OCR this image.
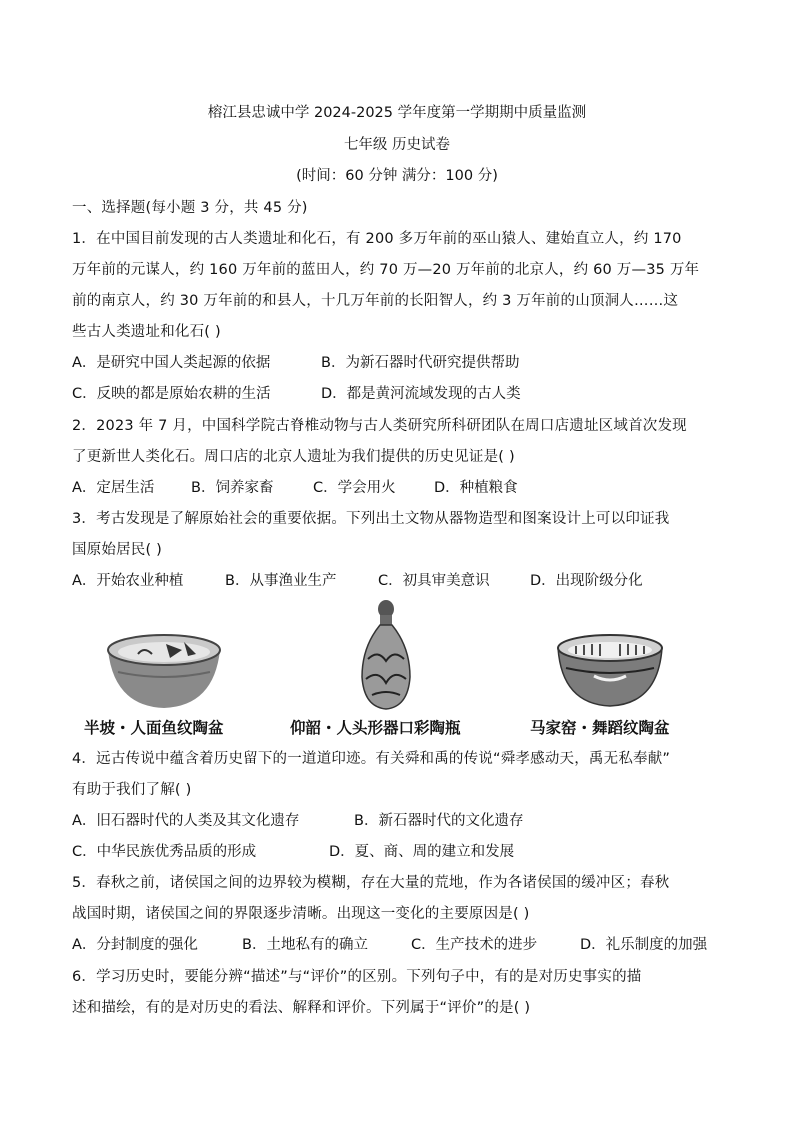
榕江县忠诚中学 2024-2025 学年度第一学期期中质量监测
七年级 历史试卷
(时间：60 分钟 满分：100 分)
一、选择题(每小题 3 分，共 45 分)
1．在中国目前发现的古人类遗址和化石，有 200 多万年前的巫山猿人、建始直立人，约 170
万年前的元谋人，约 160 万年前的蓝田人，约 70 万—20 万年前的北京人，约 60 万—35 万年
前的南京人，约 30 万年前的和县人，十几万年前的长阳智人，约 3 万年前的山顶洞人……这
些古人类遗址和化石( )
A．是研究中国人类起源的依据	B．为新石器时代研究提供帮助
C．反映的都是原始农耕的生活	D．都是黄河流域发现的古人类
2．2023 年 7 月，中国科学院古脊椎动物与古人类研究所科研团队在周口店遗址区域首次发现
了更新世人类化石。周口店的北京人遗址为我们提供的历史见证是( )
A．定居生活	B．饲养家畜	C．学会用火	D．种植粮食
3．考古发现是了解原始社会的重要依据。下列出土文物从器物造型和图案设计上可以印证我
国原始居民( )
A．开始农业种植	B．从事渔业生产	C．初具审美意识	D．出现阶级分化
半坡・人面鱼纹陶盆	仰韶・人头形器口彩陶瓶	马家窑・舞蹈纹陶盆
4．远古传说中蕴含着历史留下的一道道印迹。有关舜和禹的传说“舜孝感动天，禹无私奉献”
有助于我们了解( )
A．旧石器时代的人类及其文化遗存	B．新石器时代的文化遗存
C．中华民族优秀品质的形成	D．夏、商、周的建立和发展
5．春秋之前，诸侯国之间的边界较为模糊，存在大量的荒地，作为各诸侯国的缓冲区；春秋
战国时期，诸侯国之间的界限逐步清晰。出现这一变化的主要原因是( )
A．分封制度的强化	B．土地私有的确立	C．生产技术的进步	D．礼乐制度的加强
6．学习历史时，要能分辨“描述”与“评价”的区别。下列句子中，有的是对历史事实的描
述和描绘，有的是对历史的看法、解释和评价。下列属于“评价”的是( )
